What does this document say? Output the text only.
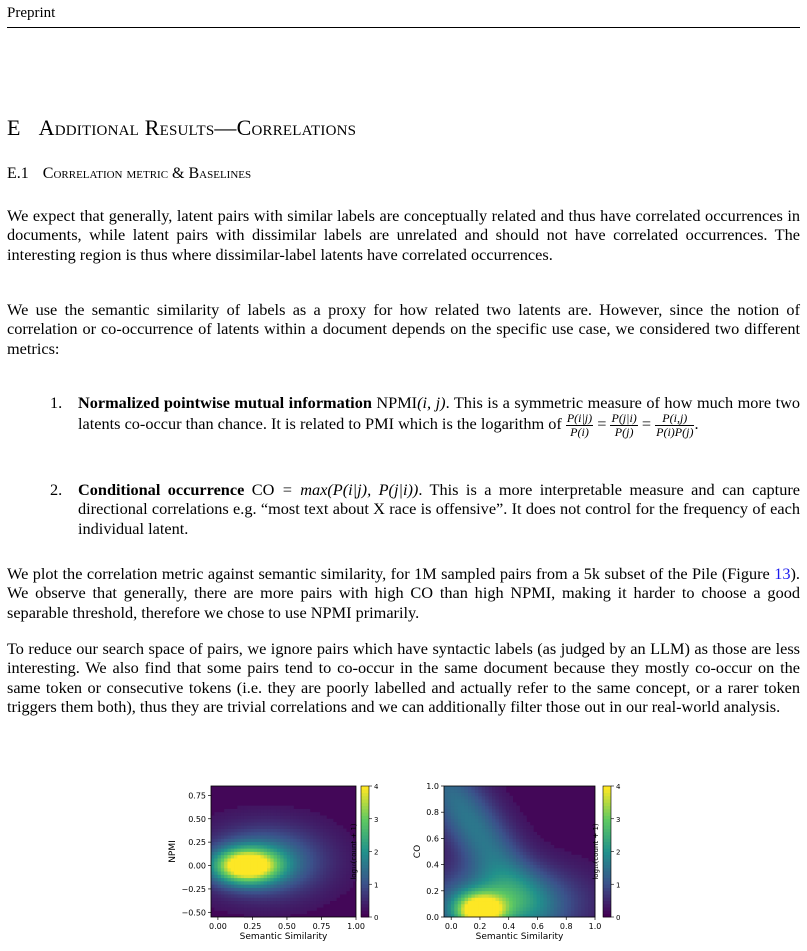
Preprint
E Additional Results—Correlations
E.1 Correlation metric & Baselines
We expect that generally, latent pairs with similar labels are conceptually related and thus have correlated occurrences in documents, while latent pairs with dissimilar labels are unrelated and should not have correlated occurrences. The interesting region is thus where dissimilar-label latents have correlated occurrences.
We use the semantic similarity of labels as a proxy for how related two latents are. However, since the notion of correlation or co-occurrence of latents within a document depends on the specific use case, we considered two different metrics:
1. Normalized pointwise mutual information NPMI(i, j). This is a symmetric measure of how much more two latents co-occur than chance. It is related to PMI which is the logarithm of $\frac{P(i|j)}{P(i)} = \frac{P(j|i)}{P(j)} = \frac{P(i,j)}{P(i)P(j)}$ .
2. Conditional occurrence CO = max(P(i|j), P(j|i)). This is a more interpretable measure and can capture directional correlations e.g. “most text about X race is offensive”. It does not control for the frequency of each individual latent.
We plot the correlation metric against semantic similarity, for 1M sampled pairs from a 5k subset of the Pile (Figure 13). We observe that generally, there are more pairs with high CO than high NPMI, making it harder to choose a good separable threshold, therefore we chose to use NPMI primarily.
To reduce our search space of pairs, we ignore pairs which have syntactic labels (as judged by an LLM) as those are less interesting. We also find that some pairs tend to co-occur in the same document because they mostly co-occur on the same token or consecutive tokens (i.e. they are poorly labelled and actually refer to the same concept, or a rarer token triggers them both), thus they are trivial correlations and we can additionally filter those out in our real-world analysis.
0.00 0.25 0.50 0.75 1.00
−0.50
−0.25
0.00
0.25
0.50
0.75
Semantic Similarity
NPMI
0
1
2
3
4
log₁₀(count + 1)
0.0 0.2 0.4 0.6 0.8 1.0
0.0
0.2
0.4
0.6
0.8
1.0
Semantic Similarity
CO
0
1
2
3
4
log₁₀(count + 1)
